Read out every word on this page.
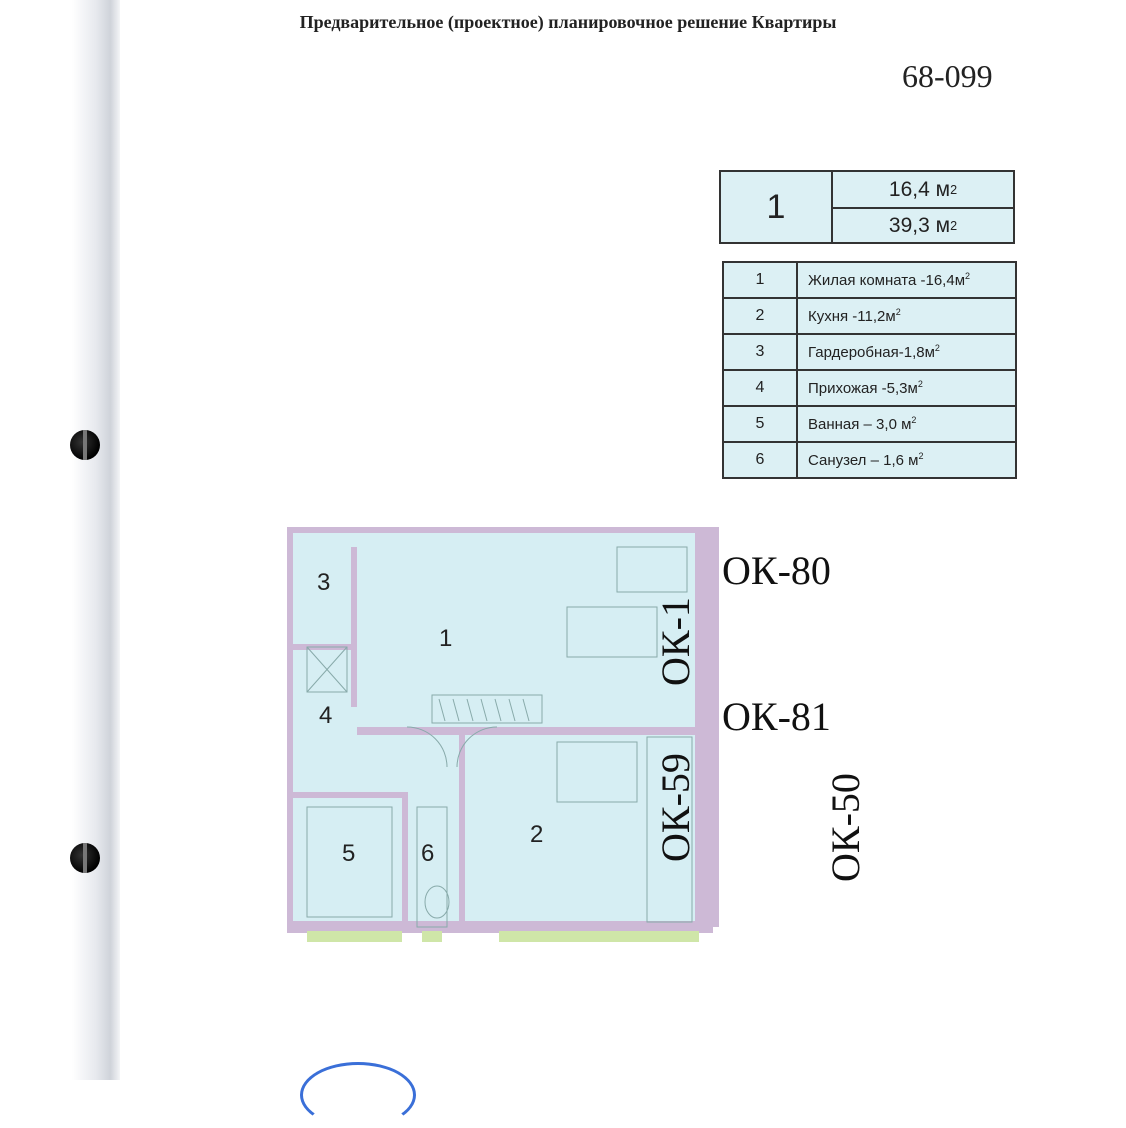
Предварительное (проектное) планировочное решение Квартиры
68-099
1	16,4 м 2
39,3 м 2
1	Жилая комната $-16,4м^2$
2	Кухня $-11,2м^2$
3	Гардеробная-$1,8м^2$
4	Прихожая $-5,3м^2$
5	Ванная – 3,0 $м^2$
6	Санузел – 1,6 $м^2$
3
1
4
5	6
2
ОК-80
ОК-81
ОК-1
ОК-59	ОК-50
